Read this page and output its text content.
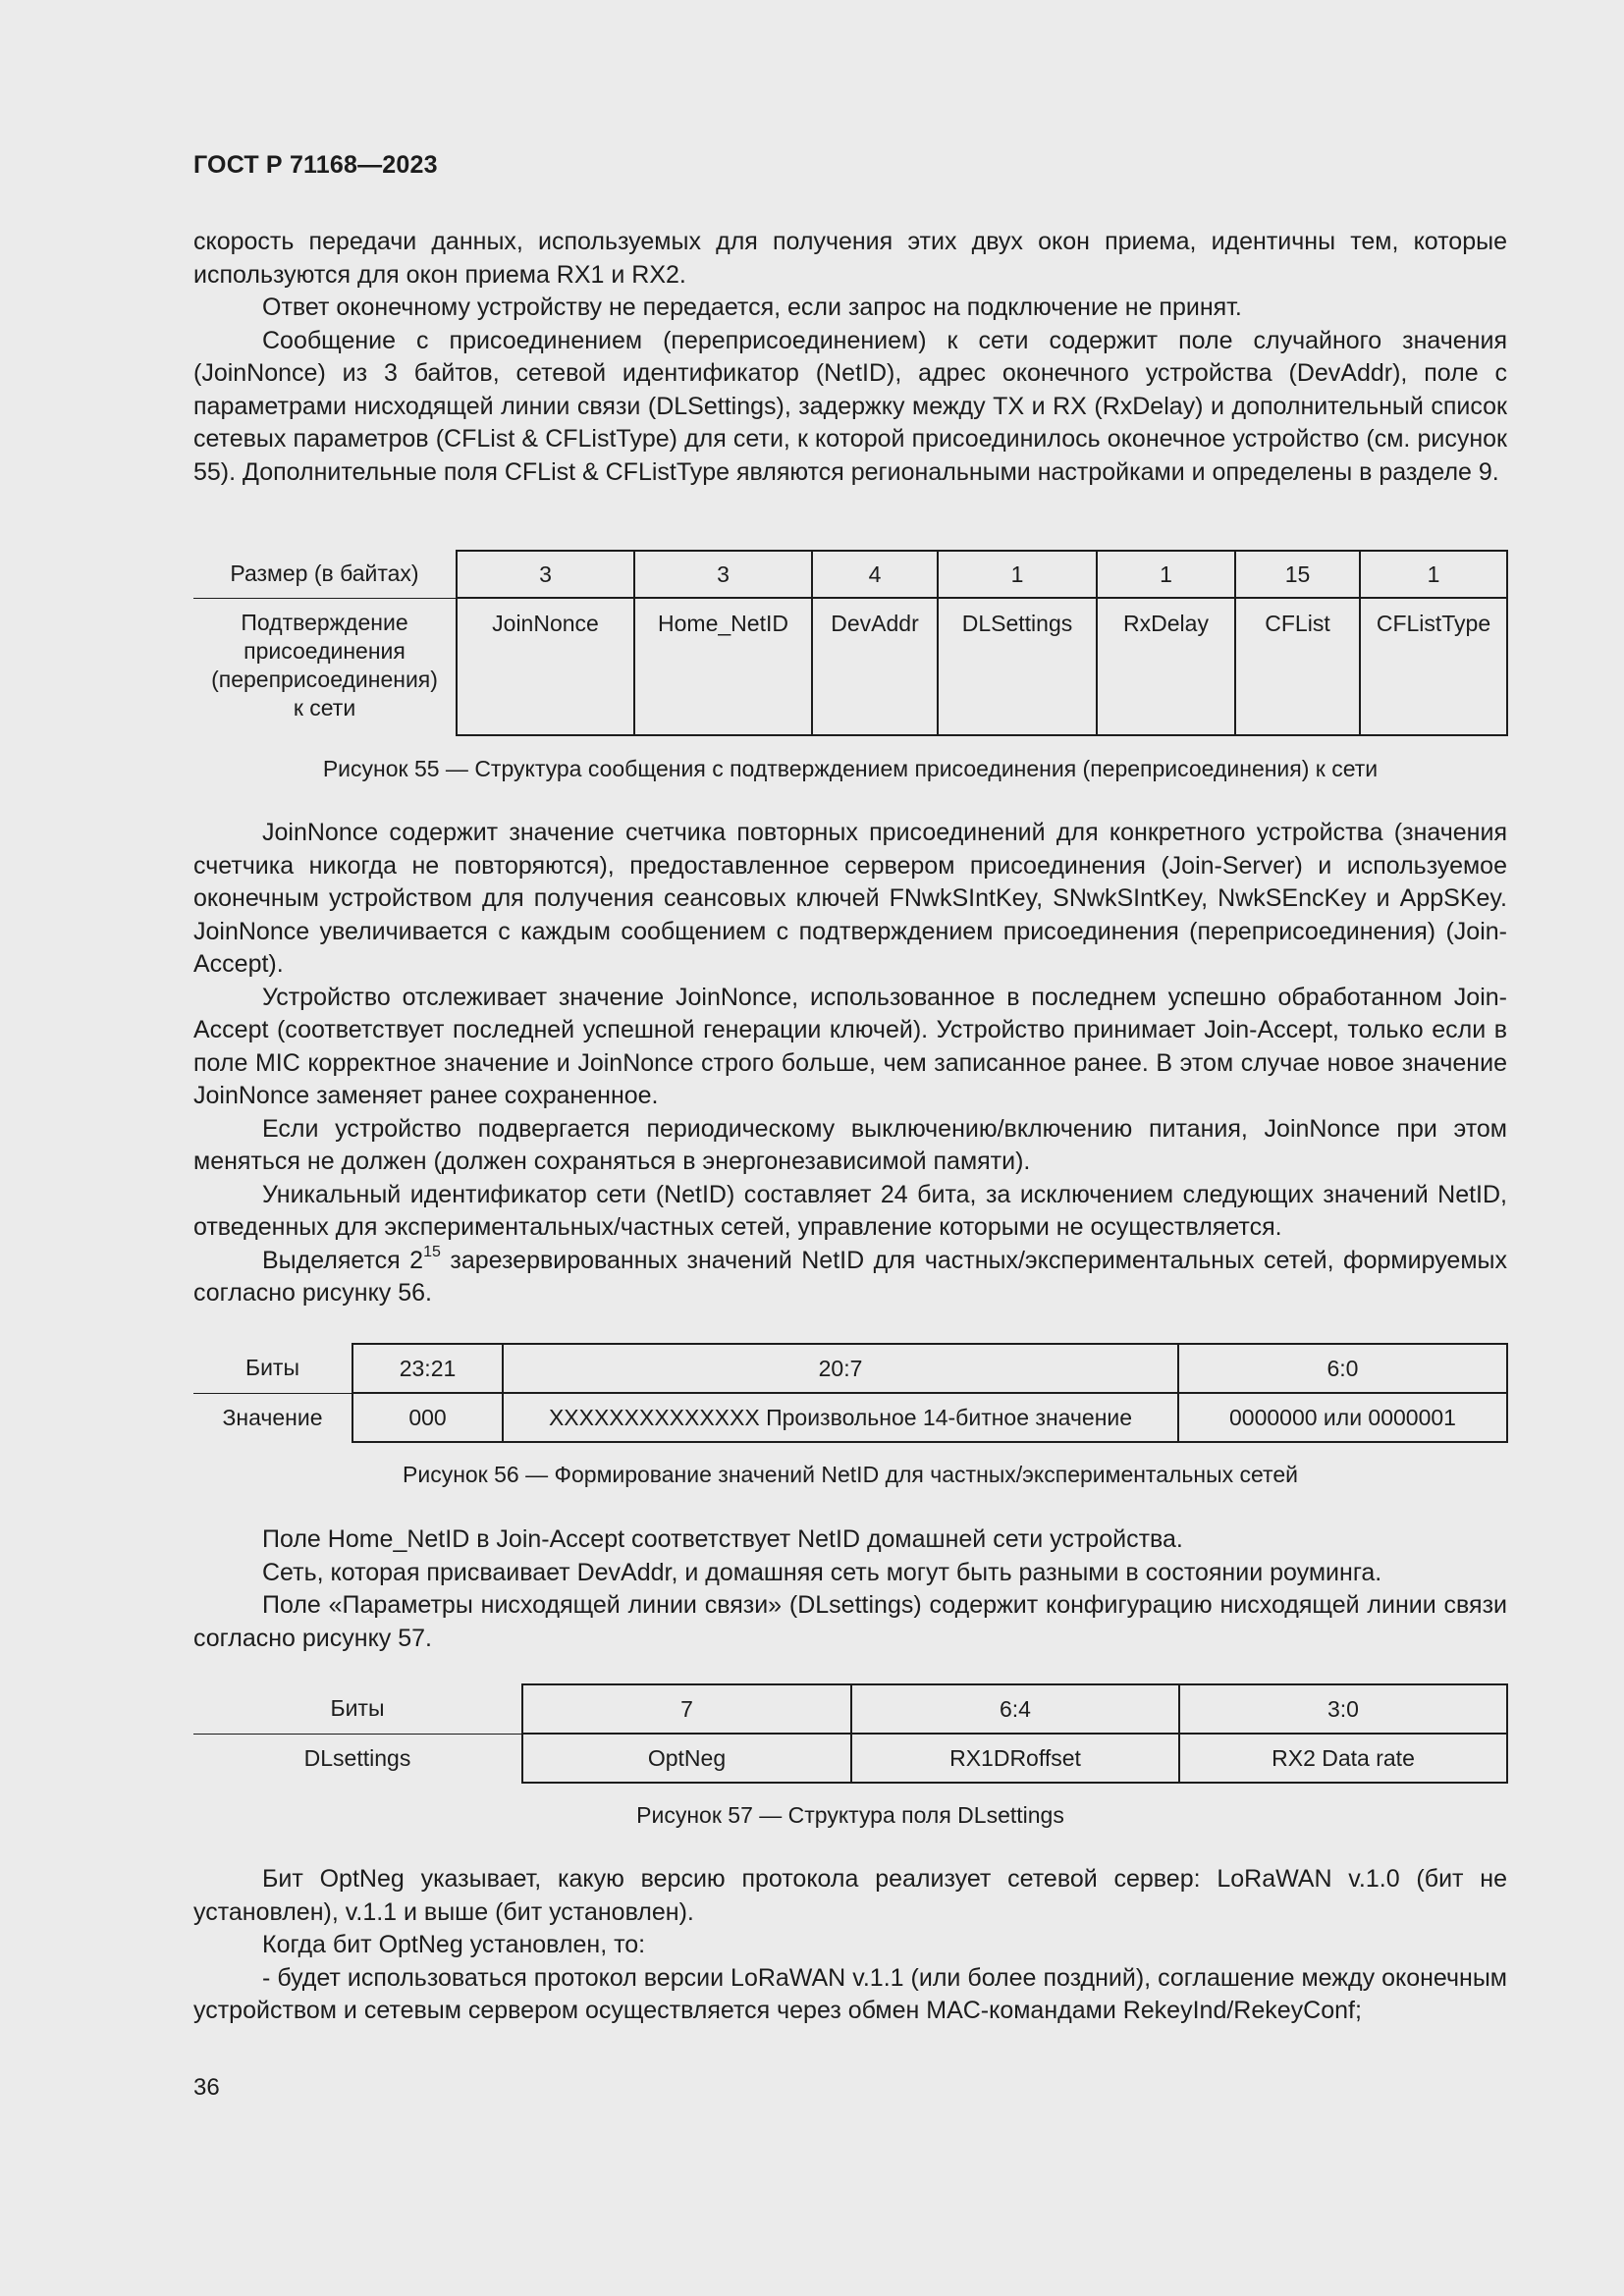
ГОСТ Р 71168—2023

скорость передачи данных, используемых для получения этих двух окон приема, идентичны тем, которые используются для окон приема RX1 и RX2.

Ответ оконечному устройству не передается, если запрос на подключение не принят.

Сообщение с присоединением (переприсоединением) к сети содержит поле случайного значения (JoinNonce) из 3 байтов, сетевой идентификатор (NetID), адрес оконечного устройства (DevAddr), поле с параметрами нисходящей линии связи (DLSettings), задержку между TX и RX (RxDelay) и дополнительный список сетевых параметров (CFList & CFListType) для сети, к которой присоединилось оконечное устройство (см. рисунок 55). Дополнительные поля CFList & CFListType являются региональными настройками и определены в разделе 9.

Размер (в байтах)	3	3	4	1	1	15	1
Подтверждение присоединения (переприсоединения) к сети	JoinNonce	Home_NetID	DevAddr	DLSettings	RxDelay	CFList	CFListType
Рисунок 55 — Структура сообщения с подтверждением присоединения (переприсоединения) к сети

JoinNonce содержит значение счетчика повторных присоединений для конкретного устройства (значения счетчика никогда не повторяются), предоставленное сервером присоединения (Join-Server) и используемое оконечным устройством для получения сеансовых ключей FNwkSIntKey, SNwkSIntKey, NwkSEncKey и AppSKey. JoinNonce увеличивается с каждым сообщением с подтверждением присоединения (переприсоединения) (Join-Accept).

Устройство отслеживает значение JoinNonce, использованное в последнем успешно обработанном Join-Accept (соответствует последней успешной генерации ключей). Устройство принимает Join-Accept, только если в поле MIC корректное значение и JoinNonce строго больше, чем записанное ранее. В этом случае новое значение JoinNonce заменяет ранее сохраненное.

Если устройство подвергается периодическому выключению/включению питания, JoinNonce при этом меняться не должен (должен сохраняться в энергонезависимой памяти).

Уникальный идентификатор сети (NetID) составляет 24 бита, за исключением следующих значений NetID, отведенных для экспериментальных/частных сетей, управление которыми не осуществляется.

Выделяется $2^{15}$ зарезервированных значений NetID для частных/экспериментальных сетей, формируемых согласно рисунку 56.

Биты	23:21	20:7	6:0
Значение	000	XXXXXXXXXXXXXX Произвольное 14-битное значение	0000000 или 0000001
Рисунок 56 — Формирование значений NetID для частных/экспериментальных сетей

Поле Home_NetID в Join-Accept соответствует NetID домашней сети устройства.

Сеть, которая присваивает DevAddr, и домашняя сеть могут быть разными в состоянии роуминга.

Поле «Параметры нисходящей линии связи» (DLsettings) содержит конфигурацию нисходящей линии связи согласно рисунку 57.

Биты	7	6:4	3:0
DLsettings	OptNeg	RX1DRoffset	RX2 Data rate
Рисунок 57 — Структура поля DLsettings

Бит OptNeg указывает, какую версию протокола реализует сетевой сервер: LoRaWAN v.1.0 (бит не установлен), v.1.1 и выше (бит установлен).

Когда бит OptNeg установлен, то:

- будет использоваться протокол версии LoRaWAN v.1.1 (или более поздний), соглашение между оконечным устройством и сетевым сервером осуществляется через обмен MAC-командами RekeyInd/RekeyConf;

36
